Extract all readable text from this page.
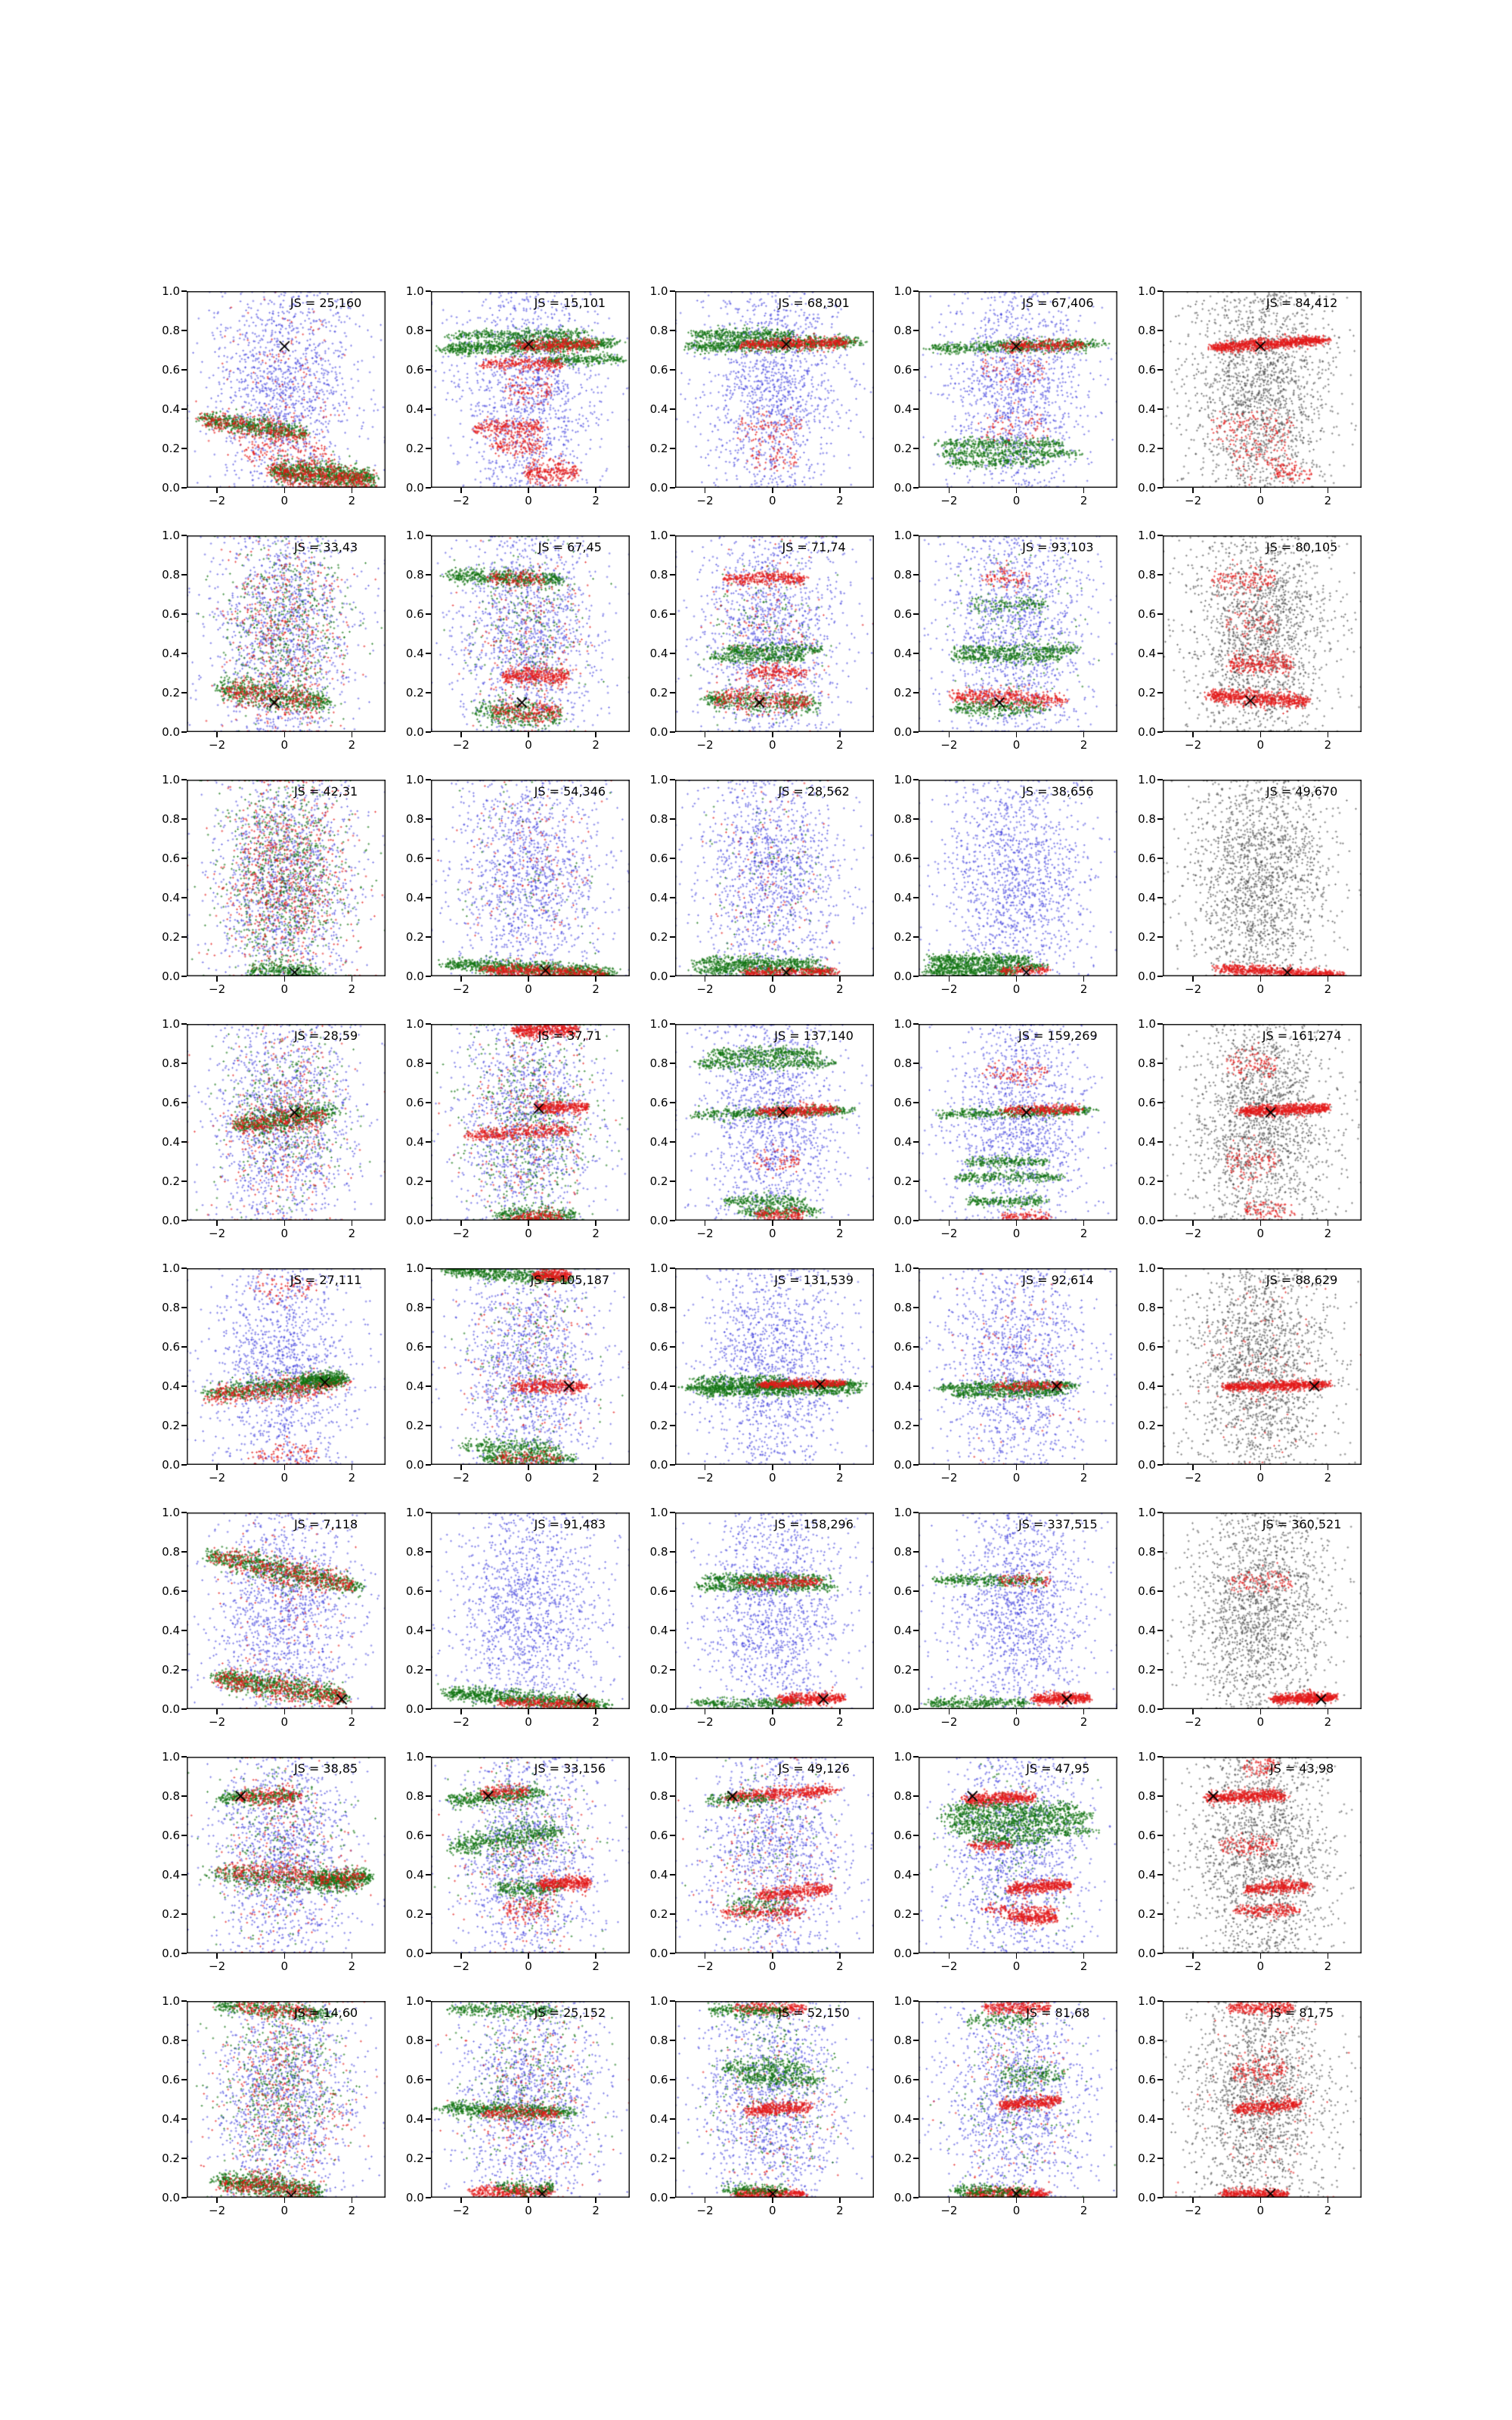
JS = 25,160
1.0
0.8
0.6
0.4
0.2
0.0
−2	0	2
JS = 15,101
1.0
0.8
0.6
0.4
0.2
0.0
−2	0	2
JS = 68,301
1.0
0.8
0.6
0.4
0.2
0.0
−2	0	2
JS = 67,406
1.0
0.8
0.6
0.4
0.2
0.0
−2	0	2
JS = 84,412
1.0
0.8
0.6
0.4
0.2
0.0
−2	0	2
JS = 33,43
1.0
0.8
0.6
0.4
0.2
0.0
−2	0	2
JS = 67,45
1.0
0.8
0.6
0.4
0.2
0.0
−2	0	2
JS = 71,74
1.0
0.8
0.6
0.4
0.2
0.0
−2	0	2
JS = 93,103
1.0
0.8
0.6
0.4
0.2
0.0
−2	0	2
JS = 80,105
1.0
0.8
0.6
0.4
0.2
0.0
−2	0	2
JS = 42,31
1.0
0.8
0.6
0.4
0.2
0.0
−2	0	2
JS = 54,346
1.0
0.8
0.6
0.4
0.2
0.0
−2	0	2
JS = 28,562
1.0
0.8
0.6
0.4
0.2
0.0
−2	0	2
JS = 38,656
1.0
0.8
0.6
0.4
0.2
0.0
−2	0	2
JS = 49,670
1.0
0.8
0.6
0.4
0.2
0.0
−2	0	2
JS = 28,59
1.0
0.8
0.6
0.4
0.2
0.0
−2	0	2
JS = 37,71
1.0
0.8
0.6
0.4
0.2
0.0
−2	0	2
JS = 137,140
1.0
0.8
0.6
0.4
0.2
0.0
−2	0	2
JS = 159,269
1.0
0.8
0.6
0.4
0.2
0.0
−2	0	2
JS = 161,274
1.0
0.8
0.6
0.4
0.2
0.0
−2	0	2
JS = 27,111
1.0
0.8
0.6
0.4
0.2
0.0
−2	0	2
JS = 105,187
1.0
0.8
0.6
0.4
0.2
0.0
−2	0	2
JS = 131,539
1.0
0.8
0.6
0.4
0.2
0.0
−2	0	2
JS = 92,614
1.0
0.8
0.6
0.4
0.2
0.0
−2	0	2
JS = 88,629
1.0
0.8
0.6
0.4
0.2
0.0
−2	0	2
JS = 7,118
1.0
0.8
0.6
0.4
0.2
0.0
−2	0	2
JS = 91,483
1.0
0.8
0.6
0.4
0.2
0.0
−2	0	2
JS = 158,296
1.0
0.8
0.6
0.4
0.2
0.0
−2	0	2
JS = 337,515
1.0
0.8
0.6
0.4
0.2
0.0
−2	0	2
JS = 360,521
1.0
0.8
0.6
0.4
0.2
0.0
−2	0	2
JS = 38,85
1.0
0.8
0.6
0.4
0.2
0.0
−2	0	2
JS = 33,156
1.0
0.8
0.6
0.4
0.2
0.0
−2	0	2
JS = 49,126
1.0
0.8
0.6
0.4
0.2
0.0
−2	0	2
JS = 47,95
1.0
0.8
0.6
0.4
0.2
0.0
−2	0	2
JS = 43,98
1.0
0.8
0.6
0.4
0.2
0.0
−2	0	2
JS = 14,60
1.0
0.8
0.6
0.4
0.2
0.0
−2	0	2
JS = 25,152
1.0
0.8
0.6
0.4
0.2
0.0
−2	0	2
JS = 52,150
1.0
0.8
0.6
0.4
0.2
0.0
−2	0	2
JS = 81,68
1.0
0.8
0.6
0.4
0.2
0.0
−2	0	2
JS = 81,75
1.0
0.8
0.6
0.4
0.2
0.0
−2	0	2
